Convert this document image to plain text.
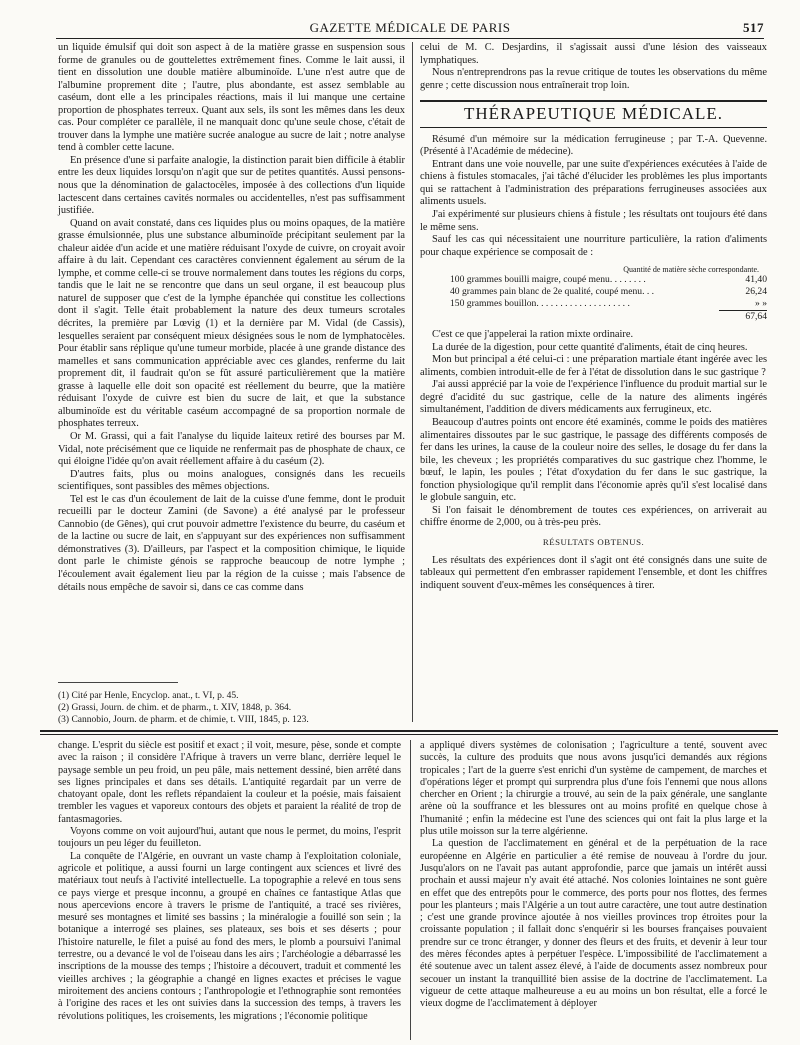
GAZETTE MÉDICALE DE PARIS	517

un liquide émulsif qui doit son aspect à de la matière grasse en suspension sous forme de granules ou de gouttelettes extrêmement fines. Comme le lait aussi, il tient en dissolution une double matière albuminoïde. L'une n'est autre que de l'albumine proprement dite ; l'autre, plus abondante, est assez semblable au caséum, dont elle a les principales réactions, mais il lui manque une certaine proportion de phosphates terreux. Quant aux sels, ils sont les mêmes dans les deux cas. Pour compléter ce parallèle, il ne manquait donc qu'une seule chose, c'était de trouver dans la lymphe une matière sucrée analogue au sucre de lait ; notre analyse tend à combler cette lacune.

En présence d'une si parfaite analogie, la distinction parait bien difficile à établir entre les deux liquides lorsqu'on n'agit que sur de petites quantités. Aussi pensons-nous que la dénomination de galactocèles, imposée à des collections d'un liquide lactescent dans certaines cavités normales ou accidentelles, n'est pas suffisamment justifiée.

Quand on avait constaté, dans ces liquides plus ou moins opaques, de la matière grasse émulsionnée, plus une substance albuminoïde précipitant seulement par la chaleur aidée d'un acide et une matière réduisant l'oxyde de cuivre, on croyait avoir affaire à du lait. Cependant ces caractères conviennent également au sérum de la lymphe, et comme celle-ci se trouve normalement dans toutes les régions du corps, tandis que le lait ne se rencontre que dans un seul organe, il est beaucoup plus naturel de supposer que c'est de la lymphe épanchée qui constitue les collections dont il s'agit. Telle était probablement la nature des deux tumeurs scrotales décrites, la première par Lœvig (1) et la dernière par M. Vidal (de Cassis), lesquelles seraient par conséquent mieux désignées sous le nom de lymphatocèles. Pour établir sans réplique qu'une tumeur morbide, placée à une grande distance des mamelles et sans communication appréciable avec ces glandes, renferme du lait proprement dit, il faudrait qu'on se fût assuré particulièrement que la matière grasse à laquelle elle doit son opacité est réellement du beurre, que la matière réduisant l'oxyde de cuivre est bien du sucre de lait, et que la substance albuminoïde est du véritable caséum accompagné de sa proportion normale de phosphates terreux.

Or M. Grassi, qui a fait l'analyse du liquide laiteux retiré des bourses par M. Vidal, note précisément que ce liquide ne renfermait pas de phosphate de chaux, ce qui éloigne l'idée qu'on avait réellement affaire à du caséum (2).

D'autres faits, plus ou moins analogues, consignés dans les recueils scientifiques, sont passibles des mêmes objections.

Tel est le cas d'un écoulement de lait de la cuisse d'une femme, dont le produit recueilli par le docteur Zamini (de Savone) a été analysé par le professeur Cannobio (de Gênes), qui crut pouvoir admettre l'existence du beurre, du caséum et de la lactine ou sucre de lait, en s'appuyant sur des expériences non suffisamment démonstratives (3). D'ailleurs, par l'aspect et la composition chimique, le liquide dont parle le chimiste génois se rapproche beaucoup de notre lymphe ; l'écoulement avait également lieu par la région de la cuisse ; mais l'absence de détails nous empêche de savoir si, dans ce cas comme dans

(1) Cité par Henle, Encyclop. anat., t. VI, p. 45.
(2) Grassi, Journ. de chim. et de pharm., t. XIV, 1848, p. 364.
(3) Cannobio, Journ. de pharm. et de chimie, t. VIII, 1845, p. 123.

celui de M. C. Desjardins, il s'agissait aussi d'une lésion des vaisseaux lymphatiques.

Nous n'entreprendrons pas la revue critique de toutes les observations du même genre ; cette discussion nous entraînerait trop loin.

THÉRAPEUTIQUE MÉDICALE.

Résumé d'un mémoire sur la médication ferrugineuse ; par T.-A. Quevenne. (Présenté à l'Académie de médecine).

Entrant dans une voie nouvelle, par une suite d'expériences exécutées à l'aide de chiens à fistules stomacales, j'ai tâché d'élucider les problèmes les plus importants qui se rattachent à l'administration des préparations ferrugineuses associées aux aliments usuels.

J'ai expérimenté sur plusieurs chiens à fistule ; les résultats ont toujours été dans le même sens.

Sauf les cas qui nécessitaient une nourriture particulière, la ration d'aliments pour chaque expérience se composait de :

Quantité de matière sèche correspondante.
100 grammes bouilli maigre, coupé menu. . . . . . . .	41,40
40 grammes pain blanc de 2e qualité, coupé menu. . .	26,24
150 grammes bouillon. . . . . . . . . . . . . . . . . . . .	» »
67,64

C'est ce que j'appelerai la ration mixte ordinaire.

La durée de la digestion, pour cette quantité d'aliments, était de cinq heures.

Mon but principal a été celui-ci : une préparation martiale étant ingérée avec les aliments, combien introduit-elle de fer à l'état de dissolution dans le suc gastrique ?

J'ai aussi apprécié par la voie de l'expérience l'influence du produit martial sur le degré d'acidité du suc gastrique, celle de la nature des aliments ingérés simultanément, l'addition de divers médicaments aux ferrugineux, etc.

Beaucoup d'autres points ont encore été examinés, comme le poids des matières alimentaires dissoutes par le suc gastrique, le passage des différents composés de fer dans les urines, la cause de la couleur noire des selles, le dosage du fer dans la bile, les cheveux ; les propriétés comparatives du suc gastrique chez l'homme, le bœuf, le lapin, les poules ; l'état d'oxydation du fer dans le suc gastrique, la fonction physiologique qu'il remplit dans l'économie après qu'il s'est localisé dans le globule sanguin, etc.

Si l'on faisait le dénombrement de toutes ces expériences, on arriverait au chiffre énorme de 2,000, ou à très-peu près.

RÉSULTATS OBTENUS.

Les résultats des expériences dont il s'agit ont été consignés dans une suite de tableaux qui permettent d'en embrasser rapidement l'ensemble, et dont les chiffres indiquent souvent d'eux-mêmes les conséquences à tirer.

change. L'esprit du siècle est positif et exact ; il voit, mesure, pèse, sonde et compte avec la raison ; il considère l'Afrique à travers un verre blanc, derrière lequel le paysage semble un peu froid, un peu pâle, mais nettement dessiné, bien arrêté dans ses lignes principales et dans ses détails. L'antiquité regardait par un verre de chatoyant opale, dont les reflets répandaient la couleur et la poésie, mais faisaient trembler les vagues et vaporeux contours des objets et paraient la réalité de trop de fantasmagories.

Voyons comme on voit aujourd'hui, autant que nous le permet, du moins, l'esprit toujours un peu léger du feuilleton.

La conquête de l'Algérie, en ouvrant un vaste champ à l'exploitation coloniale, agricole et politique, a aussi fourni un large contingent aux sciences et livré des matériaux tout neufs à l'activité intellectuelle. La topographie a relevé en tous sens ce pays vierge et presque inconnu, a groupé en chaînes ce fantastique Atlas que nous apercevions encore à travers le prisme de l'antiquité, a tracé ses rivières, mesuré ses montagnes et limité ses bassins ; la minéralogie a fouillé son sein ; la botanique a interrogé ses plaines, ses plateaux, ses bois et ses déserts ; pour l'histoire naturelle, le filet a puisé au fond des mers, le plomb a poursuivi l'animal terrestre, ou a devancé le vol de l'oiseau dans les airs ; l'archéologie a débarrassé les inscriptions de la mousse des temps ; l'histoire a découvert, traduit et commenté les vieilles archives ; la géographie a changé en lignes exactes et précises le vague miroitement des anciens contours ; l'anthropologie et l'ethnographie sont remontées à l'origine des races et les ont suivies dans la succession des temps, à travers les révolutions politiques, les croisements, les migrations ; l'économie politique

a appliqué divers systèmes de colonisation ; l'agriculture a tenté, souvent avec succès, la culture des produits que nous avons jusqu'ici demandés aux régions tropicales ; l'art de la guerre s'est enrichi d'un système de campement, de marches et d'opérations léger et prompt qui surprendra plus d'une fois l'ennemi que nous allons chercher en Orient ; la chirurgie a trouvé, au sein de la paix générale, une sanglante arène où la souffrance et les blessures ont au moins profité en quelque chose à l'humanité ; enfin la médecine est l'une des sciences qui ont fait la plus large et la plus utile moisson sur la terre algérienne.

La question de l'acclimatement en général et de la perpétuation de la race européenne en Algérie en particulier a été remise de nouveau à l'ordre du jour. Jusqu'alors on ne l'avait pas autant approfondie, parce que jamais un intérêt aussi prochain et aussi majeur n'y avait été attaché. Nos colonies lointaines ne sont guère en effet que des entrepôts pour le commerce, des ports pour nos flottes, des fermes pour les planteurs ; mais l'Algérie a un tout autre caractère, une tout autre destination ; c'est une grande province ajoutée à nos vieilles provinces trop étroites pour la croissante population ; il fallait donc s'enquérir si les bourses françaises pouvaient prendre sur ce tronc étranger, y donner des fleurs et des fruits, et devenir à leur tour des mères fécondes aptes à perpétuer l'espèce. L'impossibilité de l'acclimatement a été soutenue avec un talent assez élevé, à l'aide de documents assez nombreux pour secouer un instant la tranquillité bien assise de la doctrine de l'acclimatement. La vigueur de cette attaque malheureuse a eu au moins un bon résultat, elle a forcé le vieux dogme de l'acclimatement à déployer
